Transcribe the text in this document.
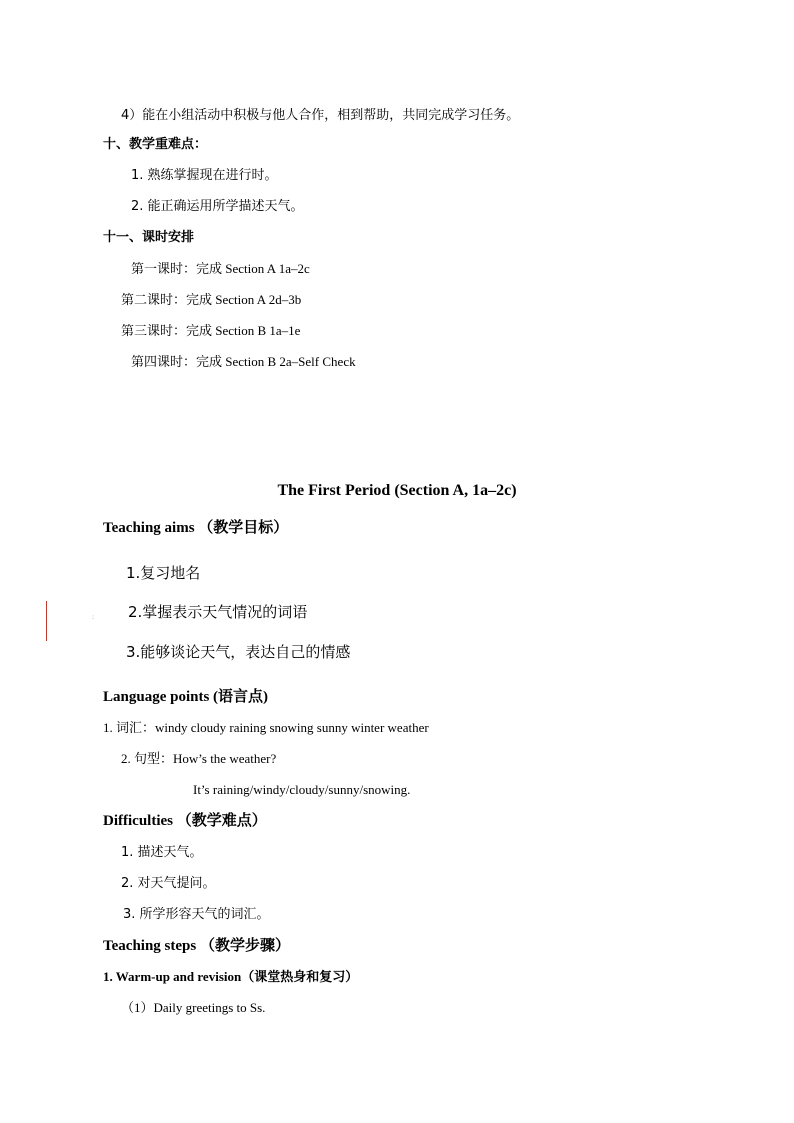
4）能在小组活动中积极与他人合作，相到帮助，共同完成学习任务。
十、教学重难点：
1. 熟练掌握现在进行时。
2. 能正确运用所学描述天气。
十一、课时安排
第一课时：完成 Section A 1a–2c
第二课时：完成 Section A 2d–3b
第三课时：完成 Section B 1a–1e
第四课时：完成 Section B 2a–Self Check
The First Period (Section A, 1a–2c)
Teaching aims （教学目标）
1.复习地名
: 2.掌握表示天气情况的词语
3.能够谈论天气，表达自己的情感
Language points (语言点)
1. 词汇：windy cloudy raining snowing sunny winter weather
2. 句型：How’s the weather?
It’s raining/windy/cloudy/sunny/snowing.
Difficulties （教学难点）
1. 描述天气。
2. 对天气提问。
3. 所学形容天气的词汇。
Teaching steps （教学步骤）
1. Warm-up and revision（课堂热身和复习）
（1）Daily greetings to Ss.
